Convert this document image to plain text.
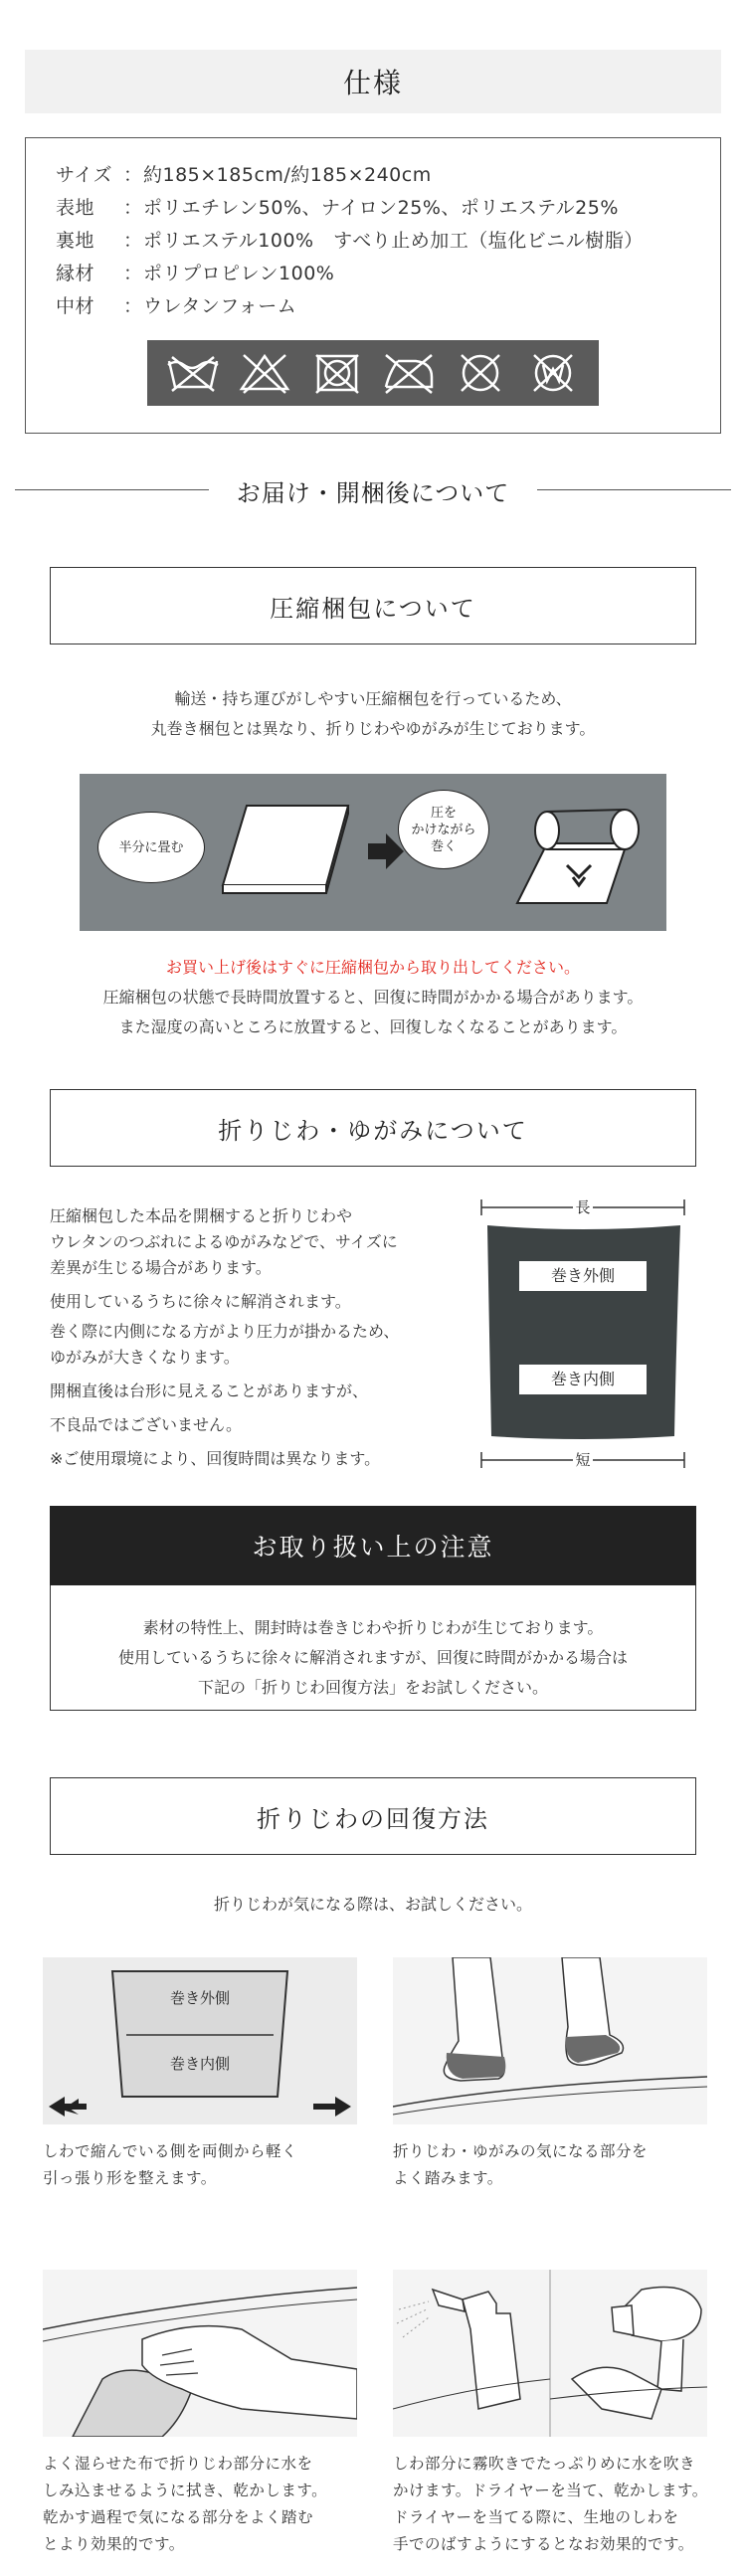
仕様
サイズ ：約185×185cm/約185×240cm
表地 ：ポリエチレン50%、ナイロン25%、ポリエステル25%
裏地 ：ポリエステル100%　すべり止め加工（塩化ビニル樹脂）
縁材 ：ポリプロピレン100%
中材 ：ウレタンフォーム
お届け・開梱後について
圧縮梱包について
輸送・持ち運びがしやすい圧縮梱包を行っているため、
丸巻き梱包とは異なり、折りじわやゆがみが生じております。
半分に畳む
圧を
かけながら
巻く
お買い上げ後はすぐに圧縮梱包から取り出してください。
圧縮梱包の状態で長時間放置すると、回復に時間がかかる場合があります。
また湿度の高いところに放置すると、回復しなくなることがあります。
折りじわ・ゆがみについて
圧縮梱包した本品を開梱すると折りじわや
ウレタンのつぶれによるゆがみなどで、サイズに
差異が生じる場合があります。
使用しているうちに徐々に解消されます。
巻く際に内側になる方がより圧力が掛かるため、
ゆがみが大きくなります。
開梱直後は台形に見えることがありますが、
不良品ではございません。
※ご使用環境により、回復時間は異なります。
長
短
巻き外側
巻き内側
お取り扱い上の注意
素材の特性上、開封時は巻きじわや折りじわが生じております。
使用しているうちに徐々に解消されますが、回復に時間がかかる場合は
下記の「折りじわ回復方法」をお試しください。
折りじわの回復方法
折りじわが気になる際は、お試しください。
巻き外側
巻き内側
しわで縮んでいる側を両側から軽く
引っ張り形を整えます。
折りじわ・ゆがみの気になる部分を
よく踏みます。
よく湿らせた布で折りじわ部分に水を
しみ込ませるように拭き、乾かします。
乾かす過程で気になる部分をよく踏む
とより効果的です。
しわ部分に霧吹きでたっぷりめに水を吹き
かけます。ドライヤーを当て、乾かします。
ドライヤーを当てる際に、生地のしわを
手でのばすようにするとなお効果的です。
